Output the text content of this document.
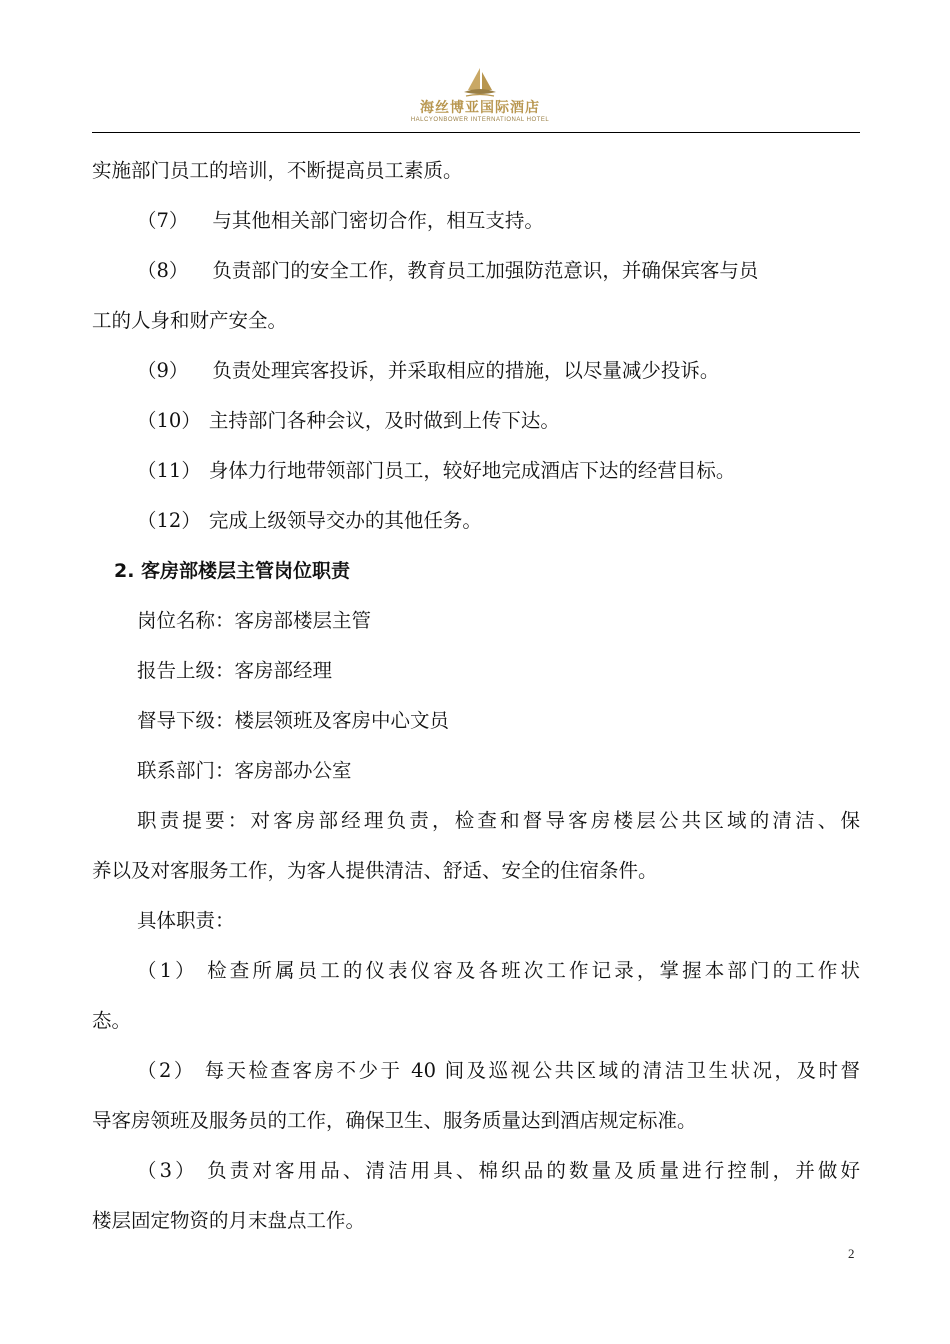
海丝博亚国际酒店
HALCYONBOWER INTERNATIONAL HOTEL
实施部门员工的培训，不断提高员工素质。
（7） 与其他相关部门密切合作，相互支持。
（8） 负责部门的安全工作，教育员工加强防范意识，并确保宾客与员
工的人身和财产安全。
（9） 负责处理宾客投诉，并采取相应的措施，以尽量减少投诉。
（10） 主持部门各种会议，及时做到上传下达。
（11） 身体力行地带领部门员工，较好地完成酒店下达的经营目标。
（12） 完成上级领导交办的其他任务。
2. 客房部楼层主管岗位职责
岗位名称：客房部楼层主管
报告上级：客房部经理
督导下级：楼层领班及客房中心文员
联系部门：客房部办公室
职责提要：对客房部经理负责，检查和督导客房楼层公共区域的清洁、保
养以及对客服务工作，为客人提供清洁、舒适、安全的住宿条件。
具体职责：
（1） 检查所属员工的仪表仪容及各班次工作记录，掌握本部门的工作状
态。
（2） 每天检查客房不少于 40 间及巡视公共区域的清洁卫生状况，及时督
导客房领班及服务员的工作，确保卫生、服务质量达到酒店规定标准。
（3） 负责对客用品、清洁用具、棉织品的数量及质量进行控制，并做好
楼层固定物资的月末盘点工作。
2
